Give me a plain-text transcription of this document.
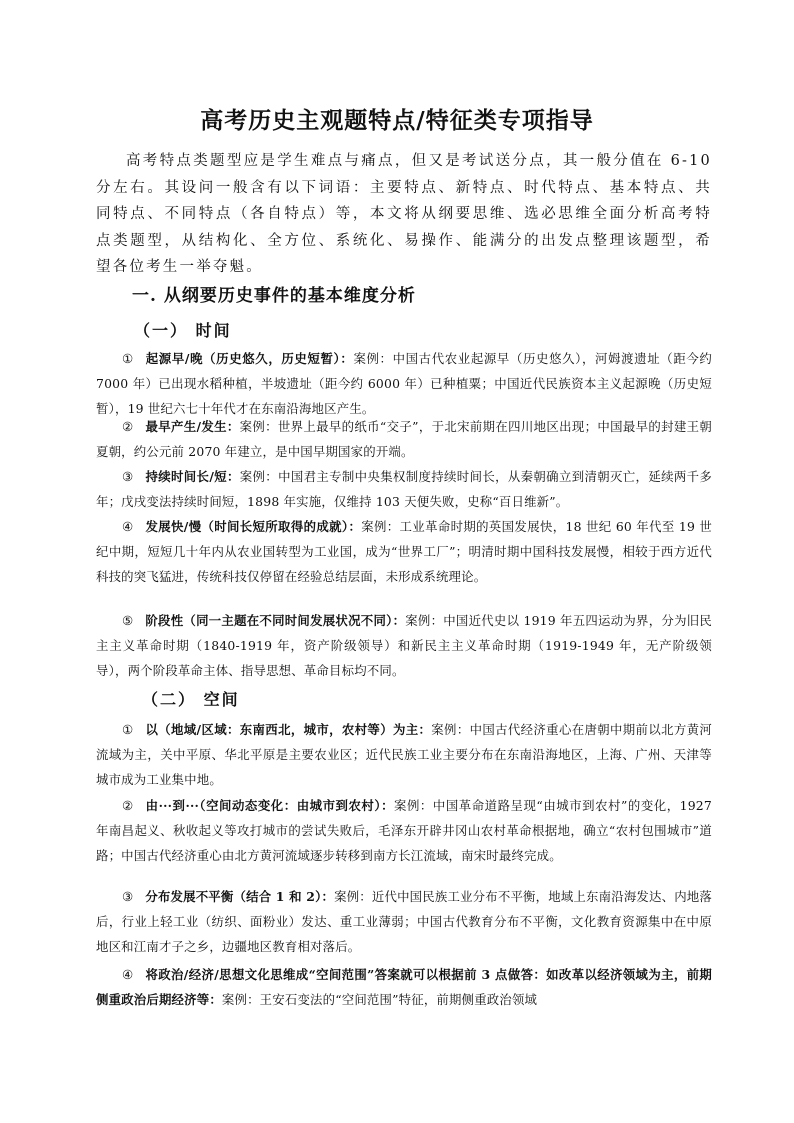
高考历史主观题特点/特征类专项指导
高考特点类题型应是学生难点与痛点，但又是考试送分点，其一般分值在 6-10 分左右。其设问一般含有以下词语：主要特点、新特点、时代特点、基本特点、共同特点、不同特点（各自特点）等，本文将从纲要思维、选必思维全面分析高考特点类题型，从结构化、全方位、系统化、易操作、能满分的出发点整理该题型，希望各位考生一举夺魁。
一. 从纲要历史事件的基本维度分析
（一） 时间
① 起源早/晚（历史悠久，历史短暂）：案例：中国古代农业起源早（历史悠久），河姆渡遗址（距今约 7000 年）已出现水稻种植，半坡遗址（距今约 6000 年）已种植粟；中国近代民族资本主义起源晚（历史短暂），19 世纪六七十年代才在东南沿海地区产生。
② 最早产生/发生：案例：世界上最早的纸币“交子”，于北宋前期在四川地区出现；中国最早的封建王朝夏朝，约公元前 2070 年建立，是中国早期国家的开端。
③ 持续时间长/短：案例：中国君主专制中央集权制度持续时间长，从秦朝确立到清朝灭亡，延续两千多年；戊戌变法持续时间短，1898 年实施，仅维持 103 天便失败，史称“百日维新”。
④ 发展快/慢（时间长短所取得的成就）：案例：工业革命时期的英国发展快，18 世纪 60 年代至 19 世纪中期，短短几十年内从农业国转型为工业国，成为“世界工厂”；明清时期中国科技发展慢，相较于西方近代科技的突飞猛进，传统科技仅停留在经验总结层面，未形成系统理论。
⑤ 阶段性（同一主题在不同时间发展状况不同）：案例：中国近代史以 1919 年五四运动为界，分为旧民主主义革命时期（1840-1919 年，资产阶级领导）和新民主主义革命时期（1919-1949 年，无产阶级领导），两个阶段革命主体、指导思想、革命目标均不同。
（二） 空间
① 以（地域/区域：东南西北，城市，农村等）为主：案例：中国古代经济重心在唐朝中期前以北方黄河流域为主，关中平原、华北平原是主要农业区；近代民族工业主要分布在东南沿海地区，上海、广州、天津等城市成为工业集中地。
② 由···到···（空间动态变化：由城市到农村）：案例：中国革命道路呈现“由城市到农村”的变化，1927 年南昌起义、秋收起义等攻打城市的尝试失败后，毛泽东开辟井冈山农村革命根据地，确立“农村包围城市”道路；中国古代经济重心由北方黄河流域逐步转移到南方长江流域，南宋时最终完成。
③ 分布发展不平衡（结合 1 和 2）：案例：近代中国民族工业分布不平衡，地域上东南沿海发达、内地落后，行业上轻工业（纺织、面粉业）发达、重工业薄弱；中国古代教育分布不平衡，文化教育资源集中在中原地区和江南才子之乡，边疆地区教育相对落后。
④ 将政治/经济/思想文化思维成“空间范围”答案就可以根据前 3 点做答：如改革以经济领域为主，前期侧重政治后期经济等：案例：王安石变法的“空间范围”特征，前期侧重政治领域
